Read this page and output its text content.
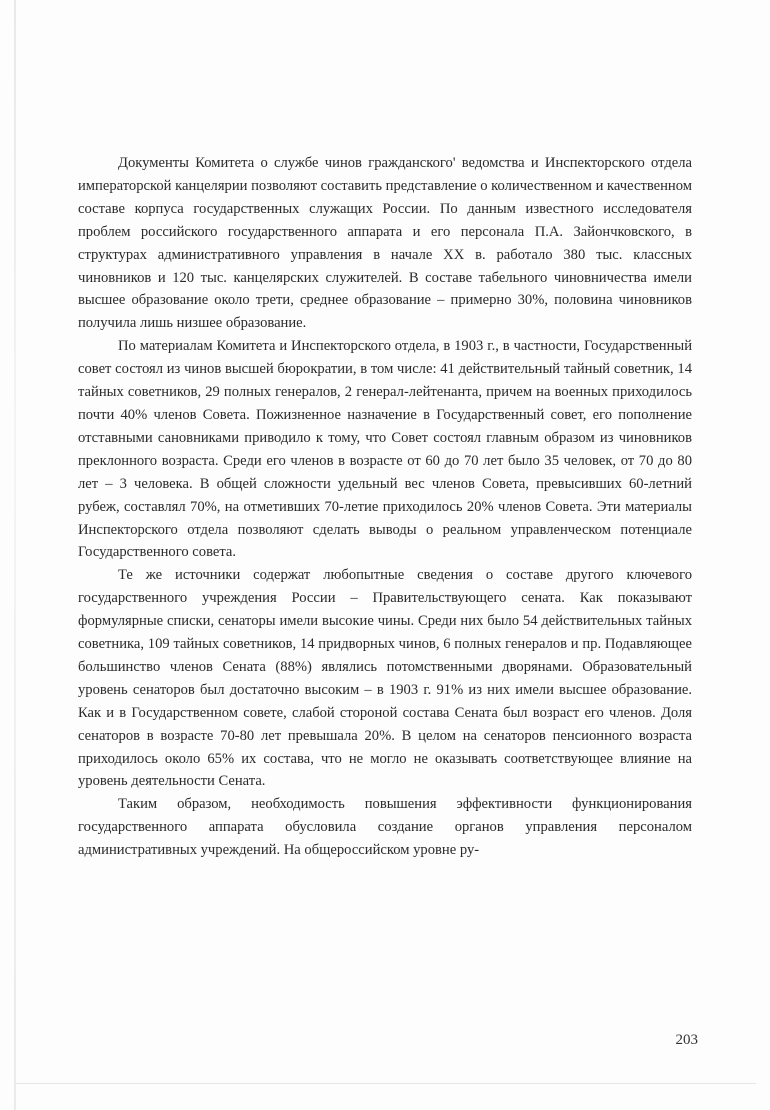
Документы Комитета о службе чинов гражданского' ведомства и Инспекторского отдела императорской канцелярии позволяют составить представление о количественном и качественном составе корпуса государственных служащих России. По данным известного исследователя проблем российского государственного аппарата и его персонала П.А. Зайончковского, в структурах административного управления в начале XX в. работало 380 тыс. классных чиновников и 120 тыс. канцелярских служителей. В составе табельного чиновничества имели высшее образование около трети, среднее образование – примерно 30%, половина чиновников получила лишь низшее образование.

По материалам Комитета и Инспекторского отдела, в 1903 г., в частности, Государственный совет состоял из чинов высшей бюрократии, в том числе: 41 действительный тайный советник, 14 тайных советников, 29 полных генералов, 2 генерал-лейтенанта, причем на военных приходилось почти 40% членов Совета. Пожизненное назначение в Государственный совет, его пополнение отставными сановниками приводило к тому, что Совет состоял главным образом из чиновников преклонного возраста. Среди его членов в возрасте от 60 до 70 лет было 35 человек, от 70 до 80 лет – 3 человека. В общей сложности удельный вес членов Совета, превысивших 60-летний рубеж, составлял 70%, на отметивших 70-летие приходилось 20% членов Совета. Эти материалы Инспекторского отдела позволяют сделать выводы о реальном управленческом потенциале Государственного совета.

Те же источники содержат любопытные сведения о составе другого ключевого государственного учреждения России – Правительствующего сената. Как показывают формулярные списки, сенаторы имели высокие чины. Среди них было 54 действительных тайных советника, 109 тайных советников, 14 придворных чинов, 6 полных генералов и пр. Подавляющее большинство членов Сената (88%) являлись потомственными дворянами. Образовательный уровень сенаторов был достаточно высоким – в 1903 г. 91% из них имели высшее образование. Как и в Государственном совете, слабой стороной состава Сената был возраст его членов. Доля сенаторов в возрасте 70-80 лет превышала 20%. В целом на сенаторов пенсионного возраста приходилось около 65% их состава, что не могло не оказывать соответствующее влияние на уровень деятельности Сената.

Таким образом, необходимость повышения эффективности функционирования государственного аппарата обусловила создание органов управления персоналом административных учреждений. На общероссийском уровне ру-

203
